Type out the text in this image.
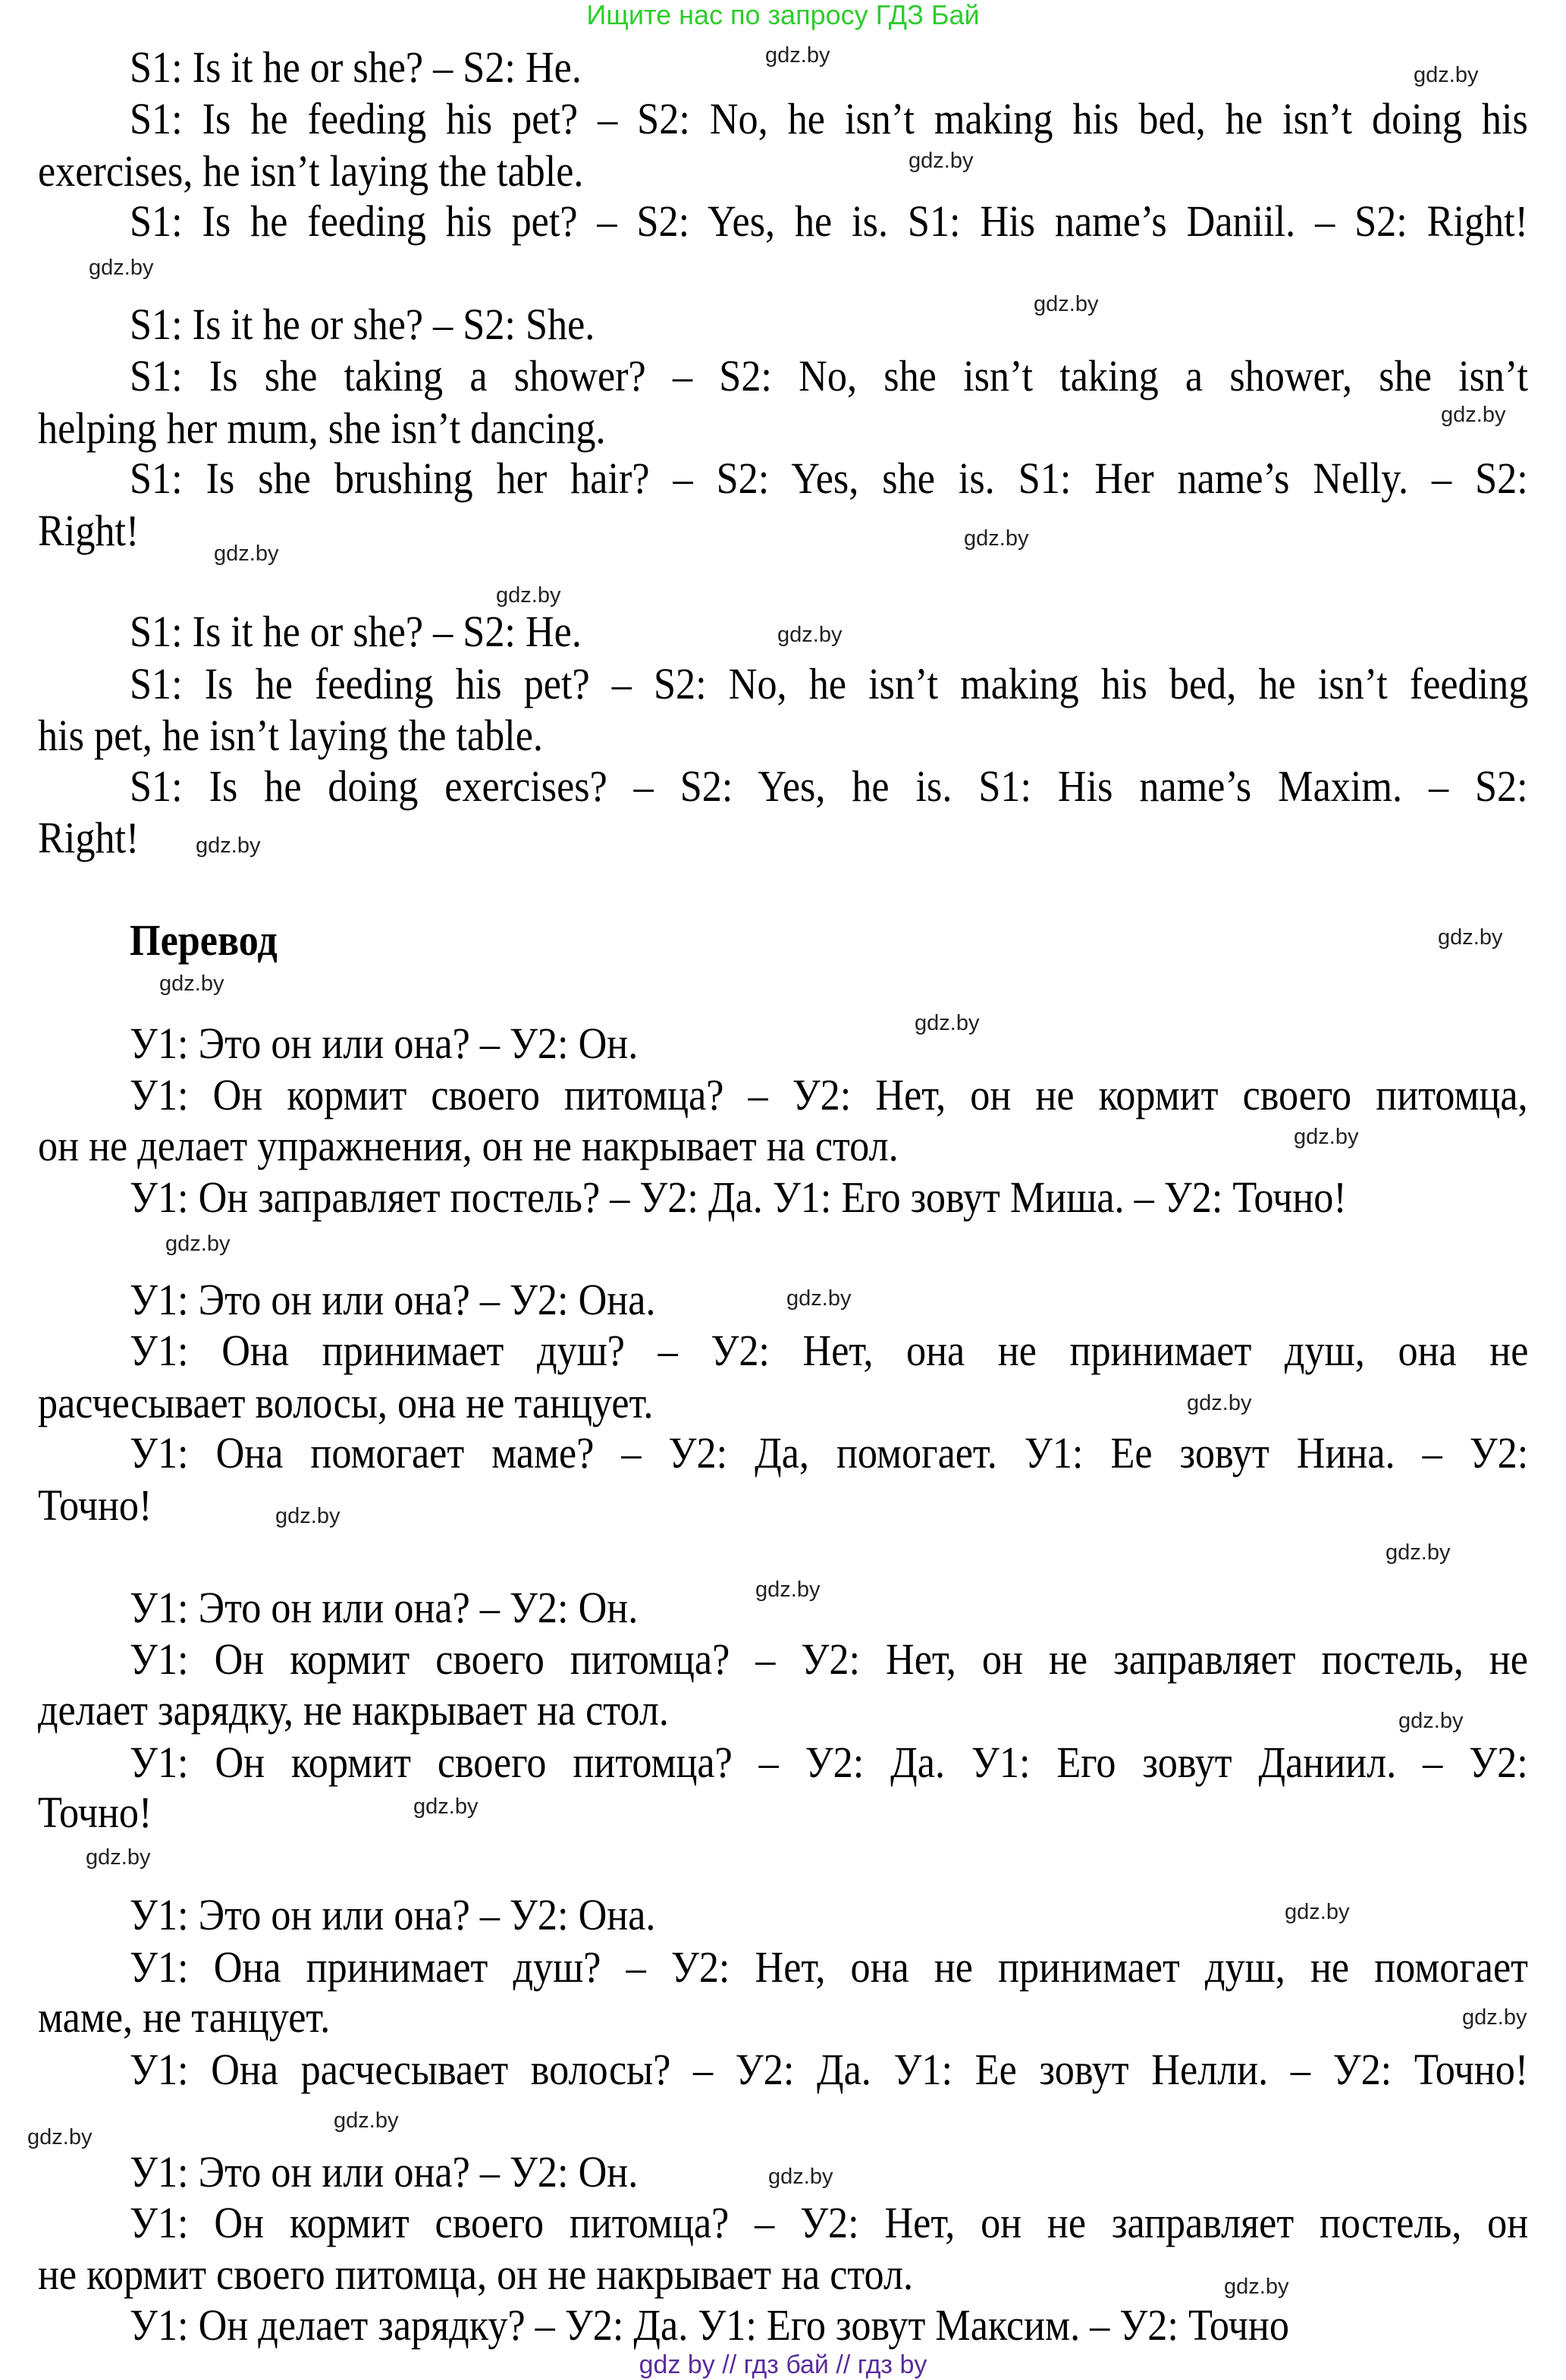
Ищите нас по запросу ГДЗ Бай
S1: Is it he or she? – S2: He.
S1: Is he feeding his pet? – S2: No, he isn’t making his bed, he isn’t doing his
exercises, he isn’t laying the table.
S1: Is he feeding his pet? – S2: Yes, he is. S1: His name’s Daniil. – S2: Right!
S1: Is it he or she? – S2: She.
S1: Is she taking a shower? – S2: No, she isn’t taking a shower, she isn’t
helping her mum, she isn’t dancing.
S1: Is she brushing her hair? – S2: Yes, she is. S1: Her name’s Nelly. – S2:
Right!
S1: Is it he or she? – S2: He.
S1: Is he feeding his pet? – S2: No, he isn’t making his bed, he isn’t feeding
his pet, he isn’t laying the table.
S1: Is he doing exercises? – S2: Yes, he is. S1: His name’s Maxim. – S2:
Right!
Перевод
У1: Это он или она? – У2: Он.
У1: Он кормит своего питомца? – У2: Нет, он не кормит своего питомца,
он не делает упражнения, он не накрывает на стол.
У1: Он заправляет постель? – У2: Да. У1: Его зовут Миша. – У2: Точно!
У1: Это он или она? – У2: Она.
У1: Она принимает душ? – У2: Нет, она не принимает душ, она не
расчесывает волосы, она не танцует.
У1: Она помогает маме? – У2: Да, помогает. У1: Ее зовут Нина. – У2:
Точно!
У1: Это он или она? – У2: Он.
У1: Он кормит своего питомца? – У2: Нет, он не заправляет постель, не
делает зарядку, не накрывает на стол.
У1: Он кормит своего питомца? – У2: Да. У1: Его зовут Даниил. – У2:
Точно!
У1: Это он или она? – У2: Она.
У1: Она принимает душ? – У2: Нет, она не принимает душ, не помогает
маме, не танцует.
У1: Она расчесывает волосы? – У2: Да. У1: Ее зовут Нелли. – У2: Точно!
У1: Это он или она? – У2: Он.
У1: Он кормит своего питомца? – У2: Нет, он не заправляет постель, он
не кормит своего питомца, он не накрывает на стол.
У1: Он делает зарядку? – У2: Да. У1: Его зовут Максим. – У2: Точно
gdz.by
gdz.by
gdz.by
gdz.by
gdz.by
gdz.by
gdz.by
gdz.by
gdz.by
gdz.by
gdz.by
gdz.by
gdz.by
gdz.by
gdz.by
gdz.by
gdz.by
gdz.by
gdz.by
gdz.by
gdz.by
gdz.by
gdz.by
gdz.by
gdz.by
gdz.by
gdz.by
gdz.by
gdz.by
gdz.by
gdz by // гдз бай // гдз by
